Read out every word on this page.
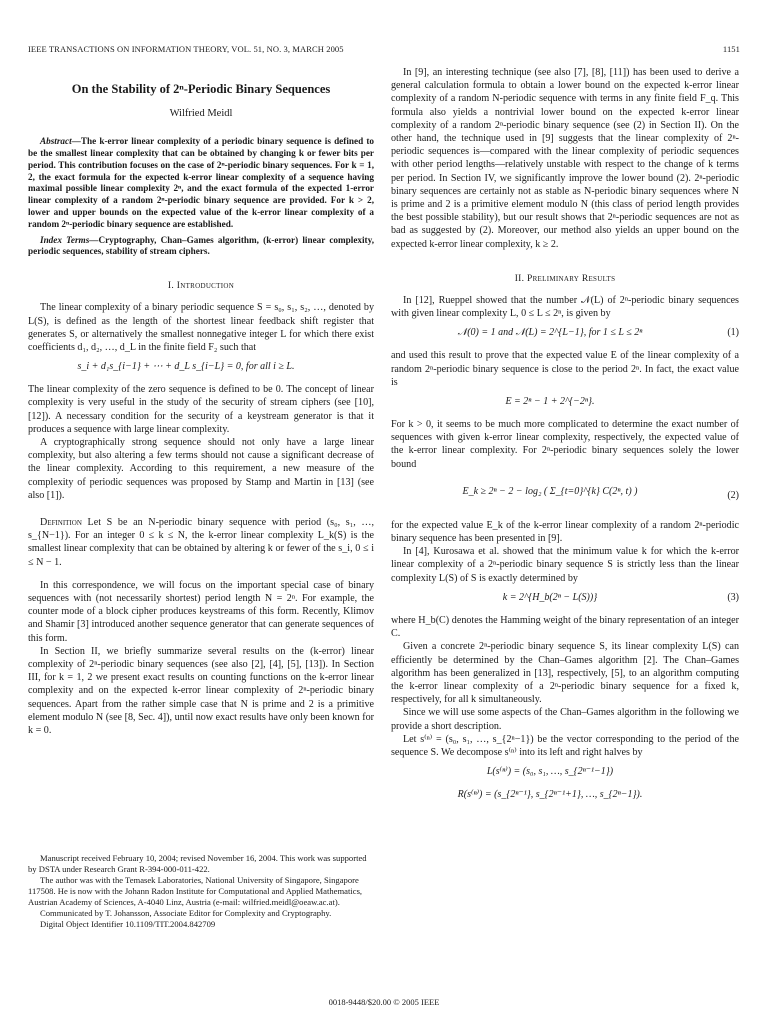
IEEE TRANSACTIONS ON INFORMATION THEORY, VOL. 51, NO. 3, MARCH 2005	1151
On the Stability of 2ⁿ-Periodic Binary Sequences
Wilfried Meidl

Abstract—The k-error linear complexity of a periodic binary sequence is defined to be the smallest linear complexity that can be obtained by changing k or fewer bits per period. This contribution focuses on the case of 2ⁿ-periodic binary sequences. For k = 1, 2, the exact formula for the expected k-error linear complexity of a sequence having maximal possible linear complexity 2ⁿ, and the exact formula of the expected 1-error linear complexity of a random 2ⁿ-periodic binary sequence are provided. For k > 2, lower and upper bounds on the expected value of the k-error linear complexity of a random 2ⁿ-periodic binary sequence are established.

Index Terms—Cryptography, Chan–Games algorithm, (k-error) linear complexity, periodic sequences, stability of stream ciphers.

I. Introduction

The linear complexity of a binary periodic sequence S = s₀, s₁, s₂, …, denoted by L(S), is defined as the length of the shortest linear feedback shift register that generates S, or alternatively the smallest nonnegative integer L for which there exist coefficients d₁, d₂, …, d_L in the finite field F₂ such that

s_i + d₁s_{i−1} + ⋯ + d_L s_{i−L} = 0, for all i ≥ L.

The linear complexity of the zero sequence is defined to be 0. The concept of linear complexity is very useful in the study of the security of stream ciphers (see [10], [12]). A necessary condition for the security of a keystream generator is that it produces a sequence with large linear complexity.

A cryptographically strong sequence should not only have a large linear complexity, but also altering a few terms should not cause a significant decrease of the linear complexity. According to this requirement, a new measure of the complexity of periodic sequences was proposed by Stamp and Martin in [13] (see also [1]).

Definition Let S be an N-periodic binary sequence with period (s₀, s₁, …, s_{N−1}). For an integer 0 ≤ k ≤ N, the k-error linear complexity L_k(S) is the smallest linear complexity that can be obtained by altering k or fewer of the s_i, 0 ≤ i ≤ N − 1.

In this correspondence, we will focus on the important special case of binary sequences with (not necessarily shortest) period length N = 2ⁿ. For example, the counter mode of a block cipher produces keystreams of this form. Recently, Klimov and Shamir [3] introduced another sequence generator that can generate sequences of this form.

In Section II, we briefly summarize several results on the (k-error) linear complexity of 2ⁿ-periodic binary sequences (see also [2], [4], [5], [13]). In Section III, for k = 1, 2 we present exact results on counting functions on the k-error linear complexity and on the expected k-error linear complexity of 2ⁿ-periodic binary sequences. Apart from the rather simple case that N is prime and 2 is a primitive element modulo N (see [8, Sec. 4]), until now exact results have only been known for k = 0.

Manuscript received February 10, 2004; revised November 16, 2004. This work was supported by DSTA under Research Grant R-394-000-011-422.

The author was with the Temasek Laboratories, National University of Singapore, Singapore 117508. He is now with the Johann Radon Institute for Computational and Applied Mathematics, Austrian Academy of Sciences, A-4040 Linz, Austria (e-mail: wilfried.meidl@oeaw.ac.at).

Communicated by T. Johansson, Associate Editor for Complexity and Cryptography.

Digital Object Identifier 10.1109/TIT.2004.842709

In [9], an interesting technique (see also [7], [8], [11]) has been used to derive a general calculation formula to obtain a lower bound on the expected k-error linear complexity of a random N-periodic sequence with terms in any finite field F_q. This formula also yields a nontrivial lower bound on the expected k-error linear complexity of a random 2ⁿ-periodic binary sequence (see (2) in Section II). On the other hand, the technique used in [9] suggests that the linear complexity of 2ⁿ-periodic sequences is—compared with the linear complexity of periodic sequences with other period lengths—relatively unstable with respect to the change of k terms per period. In Section IV, we significantly improve the lower bound (2). 2ⁿ-periodic binary sequences are certainly not as stable as N-periodic binary sequences where N is prime and 2 is a primitive element modulo N (this class of period length provides the best possible stability), but our result shows that 2ⁿ-periodic sequences are not as bad as suggested by (2). Moreover, our method also yields an upper bound on the expected k-error linear complexity, k ≥ 2.

II. Preliminary Results

In [12], Rueppel showed that the number 𝒩(L) of 2ⁿ-periodic binary sequences with given linear complexity L, 0 ≤ L ≤ 2ⁿ, is given by

𝒩(0) = 1 and 𝒩(L) = 2^{L−1}, for 1 ≤ L ≤ 2ⁿ	(1)

and used this result to prove that the expected value E of the linear complexity of a random 2ⁿ-periodic binary sequence is close to the period 2ⁿ. In fact, the exact value is

E = 2ⁿ − 1 + 2^{−2ⁿ}.

For k > 0, it seems to be much more complicated to determine the exact number of sequences with given k-error linear complexity, respectively, the expected value of the k-error linear complexity. For 2ⁿ-periodic binary sequences solely the lower bound

E_k ≥ 2ⁿ − 2 − log₂ ( Σ_{t=0}^{k} C(2ⁿ, t) )	(2)

for the expected value E_k of the k-error linear complexity of a random 2ⁿ-periodic binary sequence has been presented in [9].

In [4], Kurosawa et al. showed that the minimum value k for which the k-error linear complexity of a 2ⁿ-periodic binary sequence S is strictly less than the linear complexity L(S) of S is exactly determined by

k = 2^{H_b(2ⁿ − L(S))}	(3)

where H_b(C) denotes the Hamming weight of the binary representation of an integer C.

Given a concrete 2ⁿ-periodic binary sequence S, its linear complexity L(S) can efficiently be determined by the Chan–Games algorithm [2]. The Chan–Games algorithm has been generalized in [13], respectively, [5], to an algorithm computing the k-error linear complexity of a 2ⁿ-periodic binary sequence for a fixed k, respectively, for all k simultaneously.

Since we will use some aspects of the Chan–Games algorithm in the following we provide a short description.

Let s⁽ⁿ⁾ = (s₀, s₁, …, s_{2ⁿ−1}) be the vector corresponding to the period of the sequence S. We decompose s⁽ⁿ⁾ into its left and right halves by

L(s⁽ⁿ⁾) = (s₀, s₁, …, s_{2ⁿ⁻¹−1})
R(s⁽ⁿ⁾) = (s_{2ⁿ⁻¹}, s_{2ⁿ⁻¹+1}, …, s_{2ⁿ−1}).
0018-9448/$20.00 © 2005 IEEE
